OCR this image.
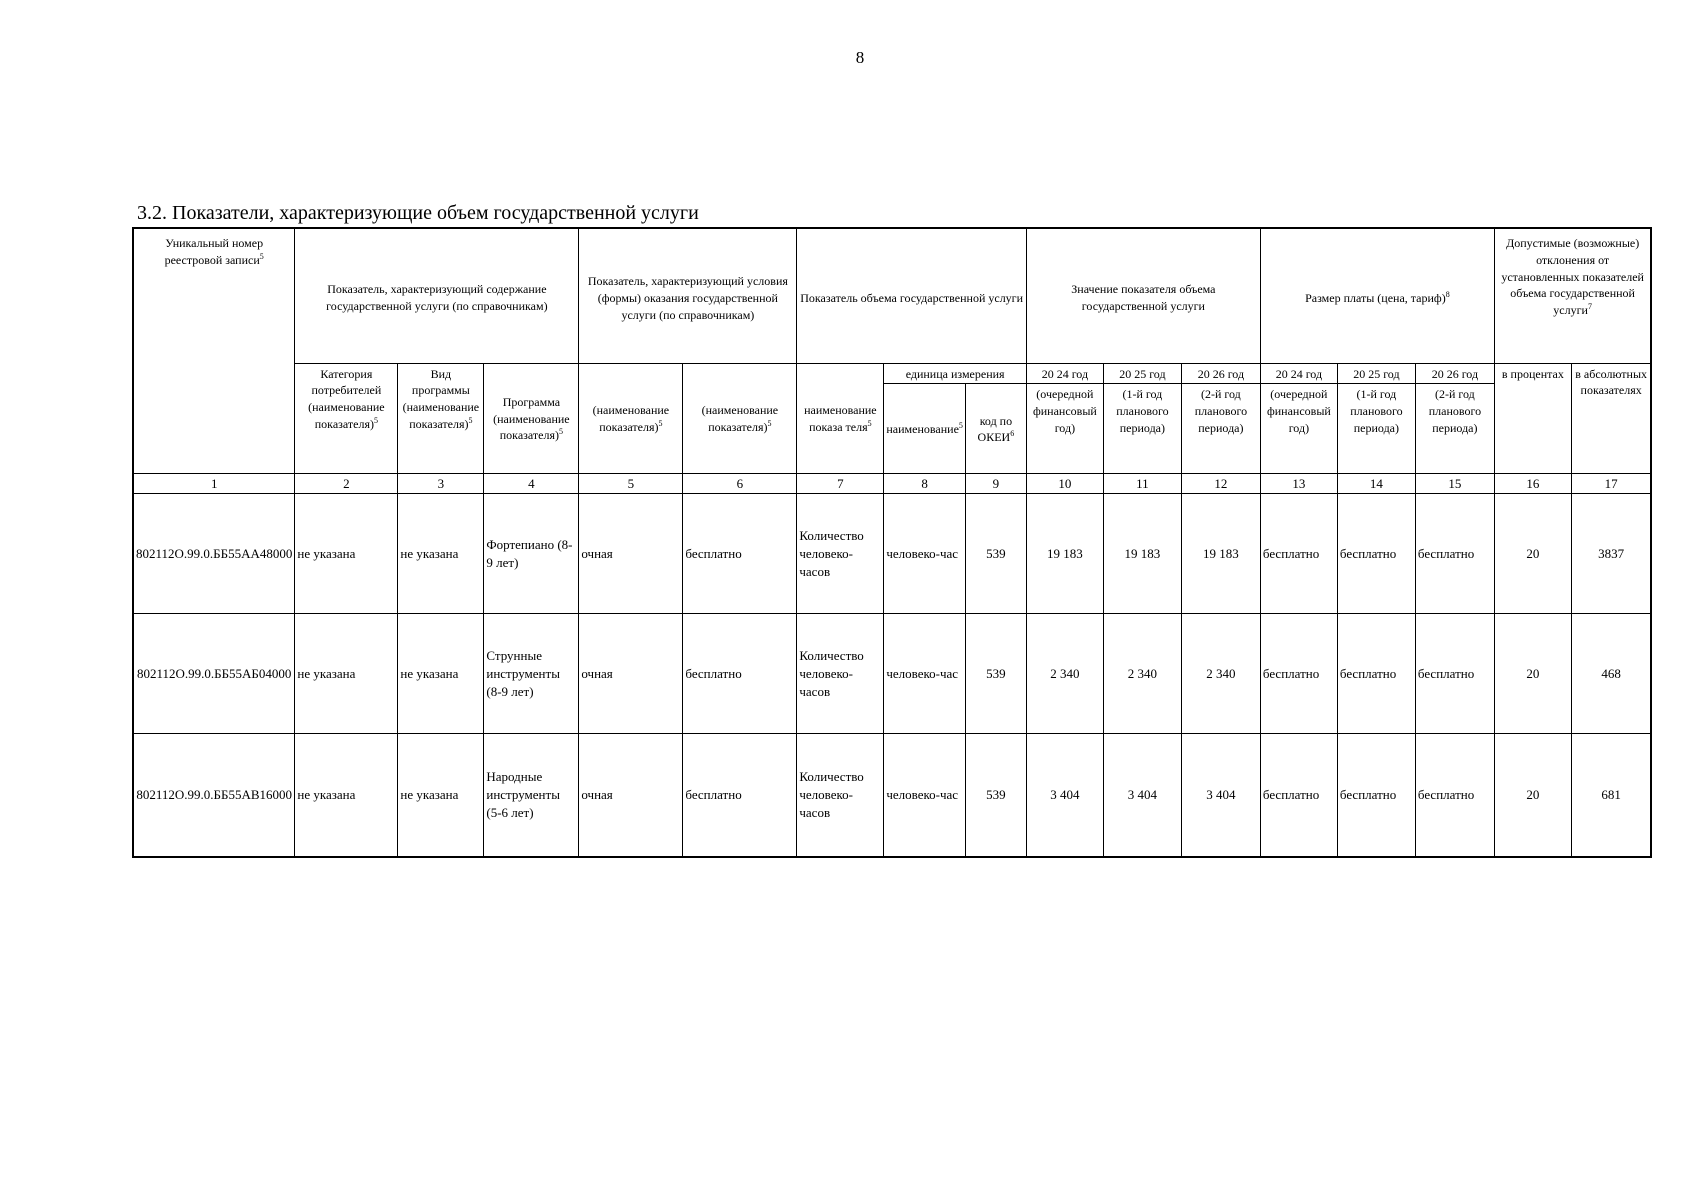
8
3.2. Показатели, характеризующие объем государственной услуги
Уникальный номер реестровой записи$^5$	Показатель, характеризующий содержание государственной услуги (по справочникам)			Показатель, характеризующий условия (формы) оказания государственной услуги (по справочникам)		Показатель объема государственной услуги			Значение показателя объема государственной услуги			Размер платы (цена, тариф)$^8$			Допустимые (возможные) отклонения от установленных показателей объема государственной услуги$^7$
	Категория потребителей (наименование показателя)$^5$	Вид программы (наименование показателя)$^5$	Программа (наименование показателя)$^5$	(наименование показателя)$^5$	(наименование показателя)$^5$	наименование показа теля$^5$	единица измерения		20 24 год	20 25 год	20 26 год	20 24 год	20 25 год	20 26 год	в процентах	в абсолютных показателях
							наименование$^5$	код по ОКЕИ$^6$	(очередной финансовый год)	(1-й год планового периода)	(2-й год планового периода)	(очередной финансовый год)	(1-й год планового периода)	(2-й год планового периода)		
1	2	3	4	5	6	7	8	9	10	11	12	13	14	15	16	17
802112О.99.0.ББ55АА48000	не указана	не указана	Фортепиано (8-9 лет)	очная	бесплатно	Количество человеко-часов	человеко-час	539	19 183	19 183	19 183	бесплатно	бесплатно	бесплатно	20	3837
802112О.99.0.ББ55АБ04000	не указана	не указана	Струнные инструменты (8-9 лет)	очная	бесплатно	Количество человеко-часов	человеко-час	539	2 340	2 340	2 340	бесплатно	бесплатно	бесплатно	20	468
802112О.99.0.ББ55АВ16000	не указана	не указана	Народные инструменты (5-6 лет)	очная	бесплатно	Количество человеко-часов	человеко-час	539	3 404	3 404	3 404	бесплатно	бесплатно	бесплатно	20	681
